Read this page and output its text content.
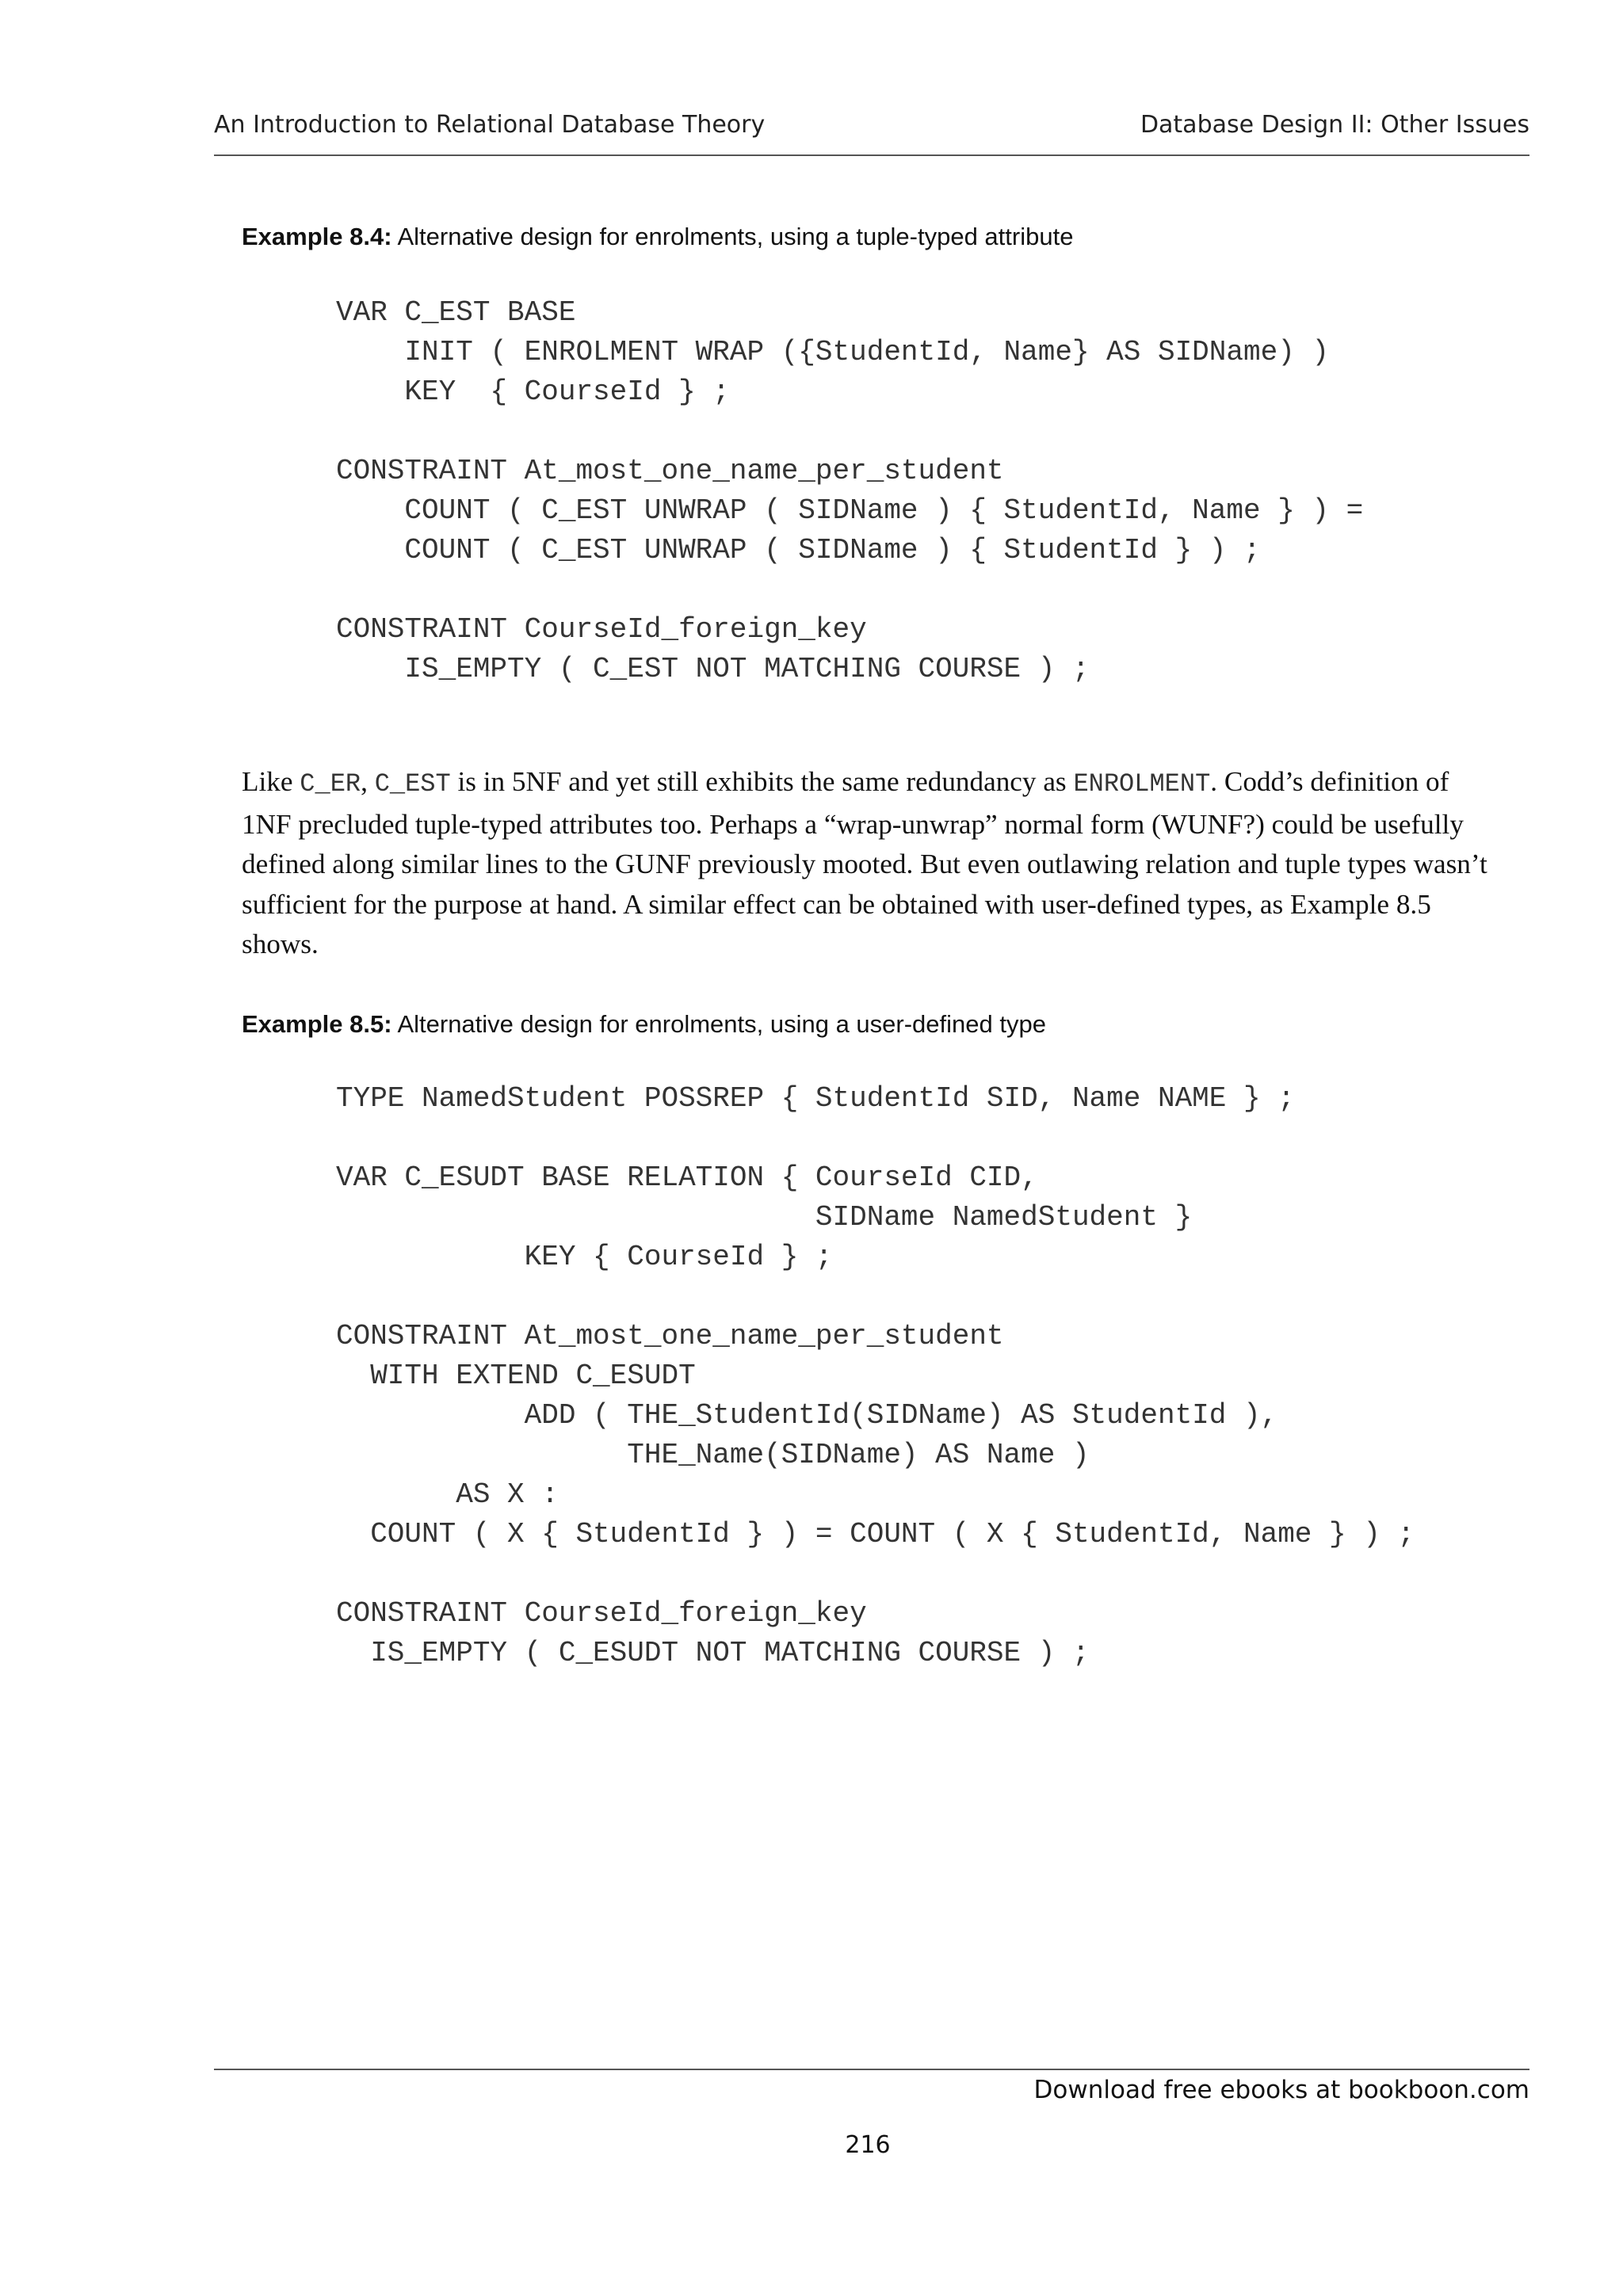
An Introduction to Relational Database Theory	Database Design II: Other Issues
Example 8.4: Alternative design for enrolments, using a tuple-typed attribute
VAR C_EST BASE
INIT ( ENROLMENT WRAP ({StudentId, Name} AS SIDName) )
KEY  { CourseId } ;
CONSTRAINT At_most_one_name_per_student
COUNT ( C_EST UNWRAP ( SIDName ) { StudentId, Name } ) =
COUNT ( C_EST UNWRAP ( SIDName ) { StudentId } ) ;
CONSTRAINT CourseId_foreign_key
IS_EMPTY ( C_EST NOT MATCHING COURSE ) ;

Like C_ER, C_EST is in 5NF and yet still exhibits the same redundancy as ENROLMENT. Codd’s definition of 1NF precluded tuple-typed attributes too. Perhaps a “wrap-unwrap” normal form (WUNF?) could be usefully defined along similar lines to the GUNF previously mooted. But even outlawing relation and tuple types wasn’t sufficient for the purpose at hand. A similar effect can be obtained with user-defined types, as Example 8.5 shows.

Example 8.5: Alternative design for enrolments, using a user-defined type
TYPE NamedStudent POSSREP { StudentId SID, Name NAME } ;
VAR C_ESUDT BASE RELATION { CourseId CID,
SIDName NamedStudent }
KEY { CourseId } ;
CONSTRAINT At_most_one_name_per_student
WITH EXTEND C_ESUDT
ADD ( THE_StudentId(SIDName) AS StudentId ),
THE_Name(SIDName) AS Name )
AS X :
COUNT ( X { StudentId } ) = COUNT ( X { StudentId, Name } ) ;
CONSTRAINT CourseId_foreign_key
IS_EMPTY ( C_ESUDT NOT MATCHING COURSE ) ;
Download free ebooks at bookboon.com
216
